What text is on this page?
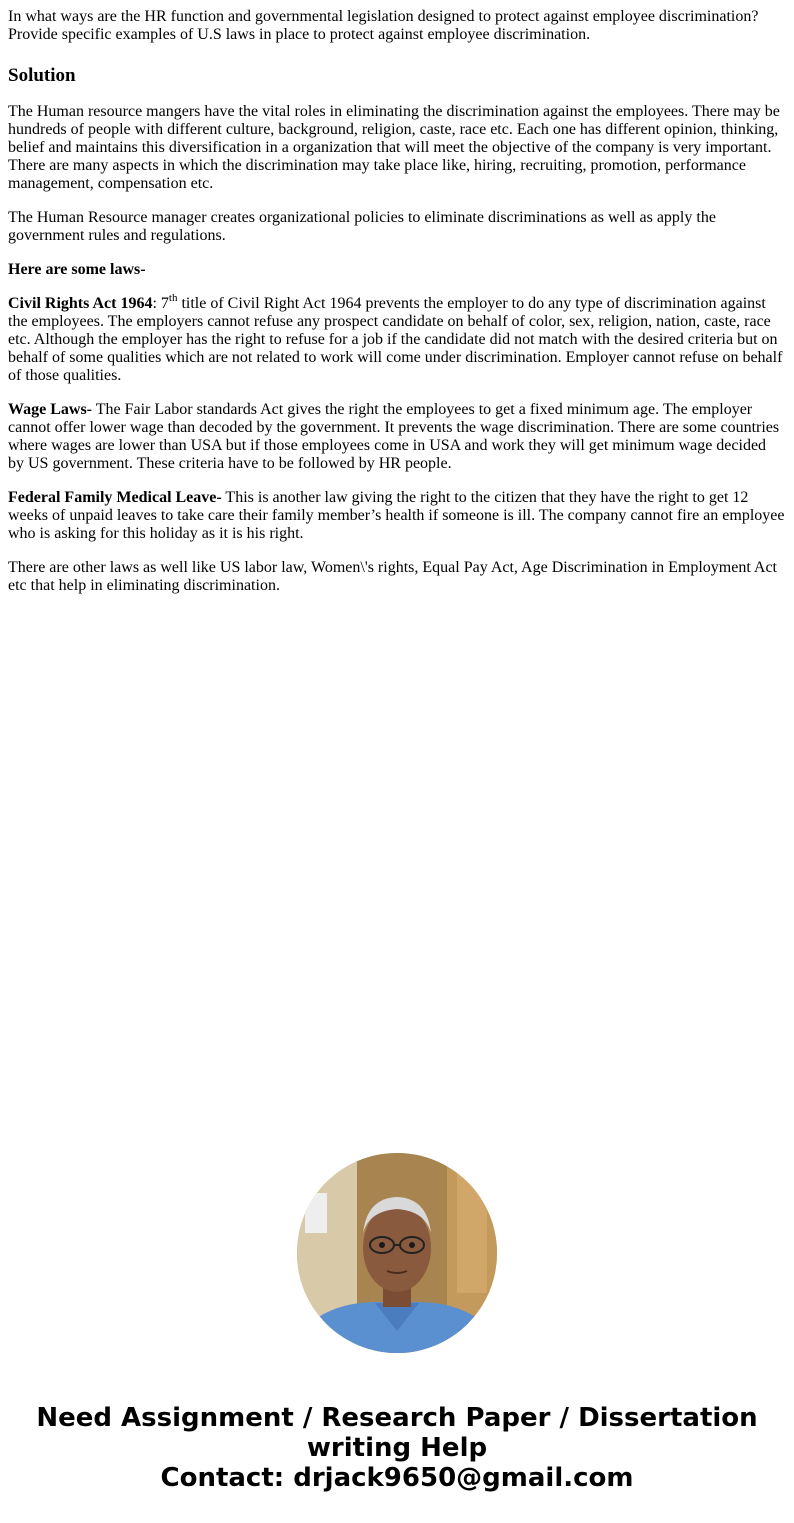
In what ways are the HR function and governmental legislation designed to protect against employee discrimination? Provide specific examples of U.S laws in place to protect against employee discrimination.
Solution

The Human resource mangers have the vital roles in eliminating the discrimination against the employees. There may be hundreds of people with different culture, background, religion, caste, race etc. Each one has different opinion, thinking, belief and maintains this diversification in a organization that will meet the objective of the company is very important. There are many aspects in which the discrimination may take place like, hiring, recruiting, promotion, performance management, compensation etc.

The Human Resource manager creates organizational policies to eliminate discriminations as well as apply the government rules and regulations.

Here are some laws-

Civil Rights Act 1964: 7th title of Civil Right Act 1964 prevents the employer to do any type of discrimination against the employees. The employers cannot refuse any prospect candidate on behalf of color, sex, religion, nation, caste, race etc. Although the employer has the right to refuse for a job if the candidate did not match with the desired criteria but on behalf of some qualities which are not related to work will come under discrimination. Employer cannot refuse on behalf of those qualities.

Wage Laws- The Fair Labor standards Act gives the right the employees to get a fixed minimum age. The employer cannot offer lower wage than decoded by the government. It prevents the wage discrimination. There are some countries where wages are lower than USA but if those employees come in USA and work they will get minimum wage decided by US government. These criteria have to be followed by HR people.

Federal Family Medical Leave- This is another law giving the right to the citizen that they have the right to get 12 weeks of unpaid leaves to take care their family member’s health if someone is ill. The company cannot fire an employee who is asking for this holiday as it is his right.

There are other laws as well like US labor law, Women\'s rights, Equal Pay Act, Age Discrimination in Employment Act etc that help in eliminating discrimination.

Need Assignment / Research Paper / Dissertation
writing Help
Contact: drjack9650@gmail.com
